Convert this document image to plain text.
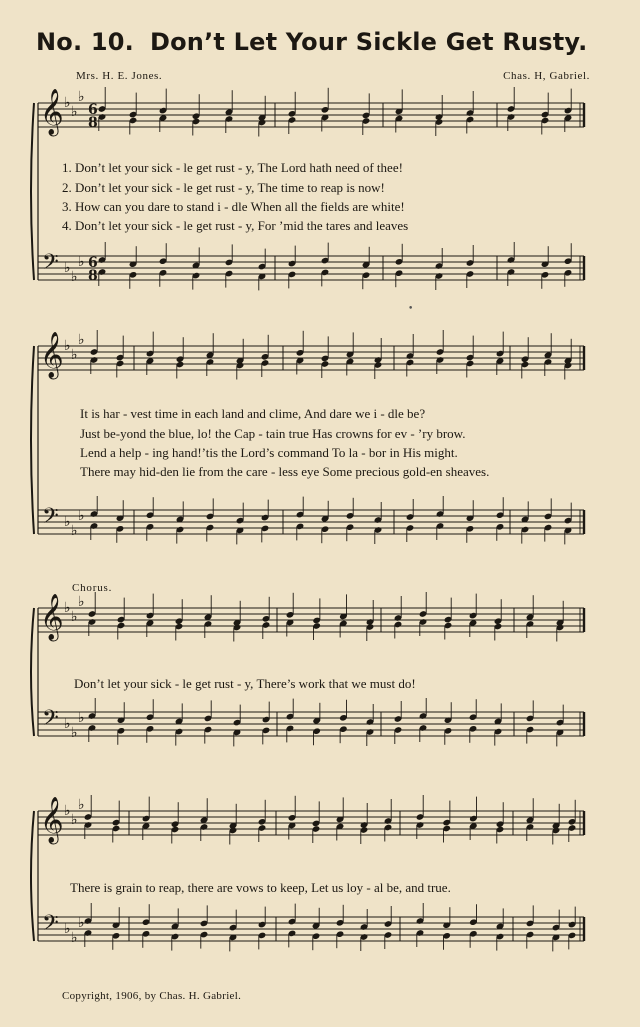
No. 10. Don’t Let Your Sickle Get Rusty.
Mrs. H. E. Jones.	Chas. H, Gabriel.
𝄞
𝄢
♭
♭
♭
♭
♭
♭
6
8
6
8
𝄞
𝄢
♭
♭
♭
♭
♭
♭
𝄞
𝄢
♭
♭
♭
♭
♭
♭
𝄞
𝄢
♭
♭
♭
♭
♭
♭
1. Don’t let your sick - le get rust - y, The Lord hath need of thee!
2. Don’t let your sick - le get rust - y, The time to reap is now!
3. How can you dare to stand i - dle When all the fields are white!
4. Don’t let your sick - le get rust - y, For ’mid the tares and leaves
•
It is har - vest time in each land and clime, And dare we i - dle be?
Just be-yond the blue, lo! the Cap - tain true Has crowns for ev - ’ry brow.
Lend a help - ing hand!’tis the Lord’s command To la - bor in His might.
There may hid-den lie from the care - less eye Some precious gold-en sheaves.
Chorus.
Don’t let your sick - le get rust - y, There’s work that we must do!
There is grain to reap, there are vows to keep, Let us loy - al be, and true.
Copyright, 1906, by Chas. H. Gabriel.
